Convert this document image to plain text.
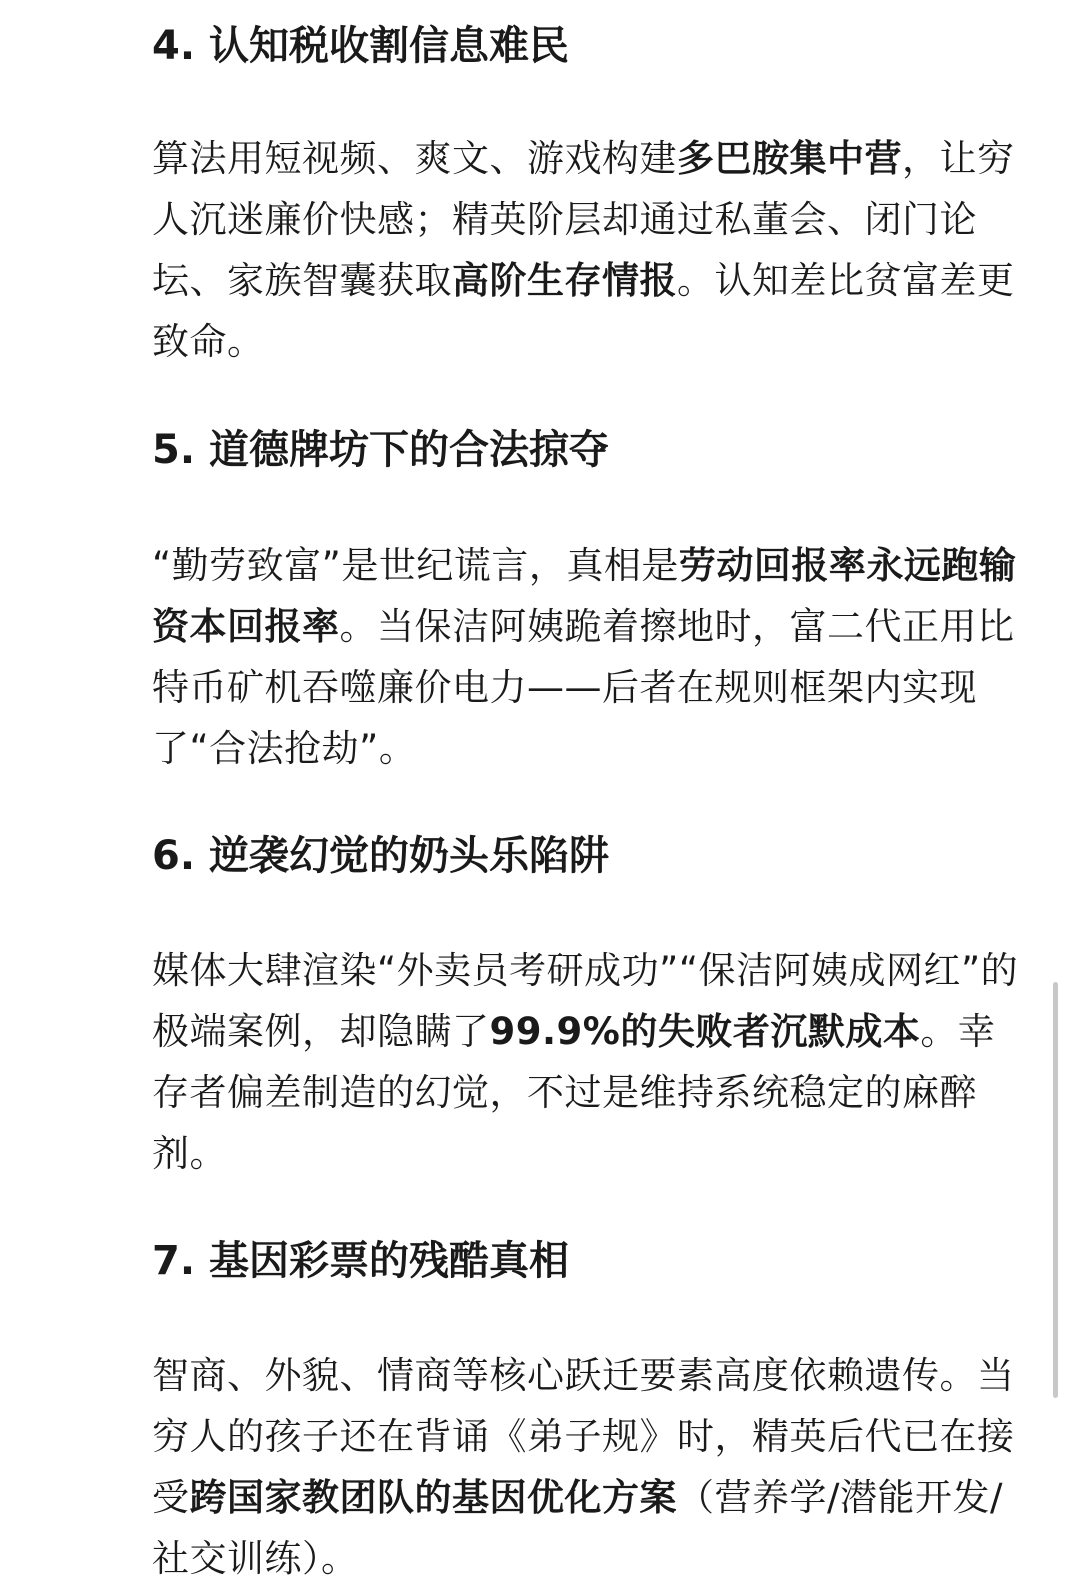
4. 认知税收割信息难民

算法用短视频、爽文、游戏构建多巴胺集中营，让穷人沉迷廉价快感；精英阶层却通过私董会、闭门论坛、家族智囊获取高阶生存情报。认知差比贫富差更致命。

5. 道德牌坊下的合法掠夺

“勤劳致富”是世纪谎言，真相是劳动回报率永远跑输资本回报率。当保洁阿姨跪着擦地时，富二代正用比特币矿机吞噬廉价电力——后者在规则框架内实现了“合法抢劫”。

6. 逆袭幻觉的奶头乐陷阱

媒体大肆渲染“外卖员考研成功”“保洁阿姨成网红”的极端案例，却隐瞒了99.9%的失败者沉默成本。幸存者偏差制造的幻觉，不过是维持系统稳定的麻醉剂。

7. 基因彩票的残酷真相

智商、外貌、情商等核心跃迁要素高度依赖遗传。当穷人的孩子还在背诵《弟子规》时，精英后代已在接受跨国家教团队的基因优化方案（营养学/潜能开发/社交训练）。
